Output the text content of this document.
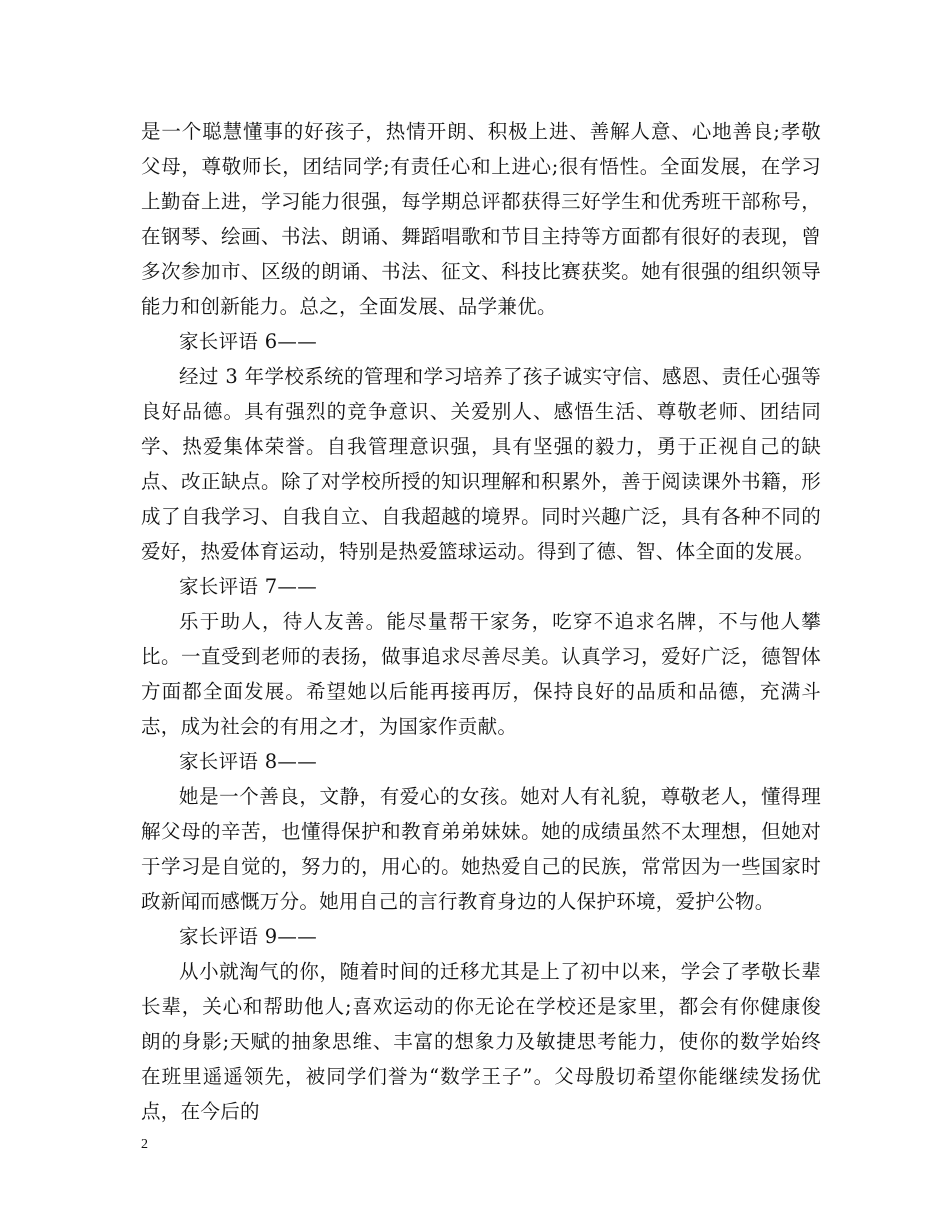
是一个聪慧懂事的好孩子，热情开朗、积极上进、善解人意、心地善良;孝敬父母，尊敬师长，团结同学;有责任心和上进心;很有悟性。全面发展，在学习上勤奋上进，学习能力很强，每学期总评都获得三好学生和优秀班干部称号，在钢琴、绘画、书法、朗诵、舞蹈唱歌和节目主持等方面都有很好的表现，曾多次参加市、区级的朗诵、书法、征文、科技比赛获奖。她有很强的组织领导能力和创新能力。总之，全面发展、品学兼优。

家长评语 6——

经过 3 年学校系统的管理和学习培养了孩子诚实守信、感恩、责任心强等良好品德。具有强烈的竞争意识、关爱别人、感悟生活、尊敬老师、团结同学、热爱集体荣誉。自我管理意识强，具有坚强的毅力，勇于正视自己的缺点、改正缺点。除了对学校所授的知识理解和积累外，善于阅读课外书籍，形成了自我学习、自我自立、自我超越的境界。同时兴趣广泛，具有各种不同的爱好，热爱体育运动，特别是热爱篮球运动。得到了德、智、体全面的发展。

家长评语 7——

乐于助人，待人友善。能尽量帮干家务，吃穿不追求名牌，不与他人攀比。一直受到老师的表扬，做事追求尽善尽美。认真学习，爱好广泛，德智体方面都全面发展。希望她以后能再接再厉，保持良好的品质和品德，充满斗志，成为社会的有用之才，为国家作贡献。

家长评语 8——

她是一个善良，文静，有爱心的女孩。她对人有礼貌，尊敬老人，懂得理解父母的辛苦，也懂得保护和教育弟弟妹妹。她的成绩虽然不太理想，但她对于学习是自觉的，努力的，用心的。她热爱自己的民族，常常因为一些国家时政新闻而感慨万分。她用自己的言行教育身边的人保护环境，爱护公物。

家长评语 9——

从小就淘气的你，随着时间的迁移尤其是上了初中以来，学会了孝敬长辈长辈，关心和帮助他人;喜欢运动的你无论在学校还是家里，都会有你健康俊朗的身影;天赋的抽象思维、丰富的想象力及敏捷思考能力，使你的数学始终在班里遥遥领先，被同学们誉为“数学王子”。父母殷切希望你能继续发扬优点，在今后的

2
